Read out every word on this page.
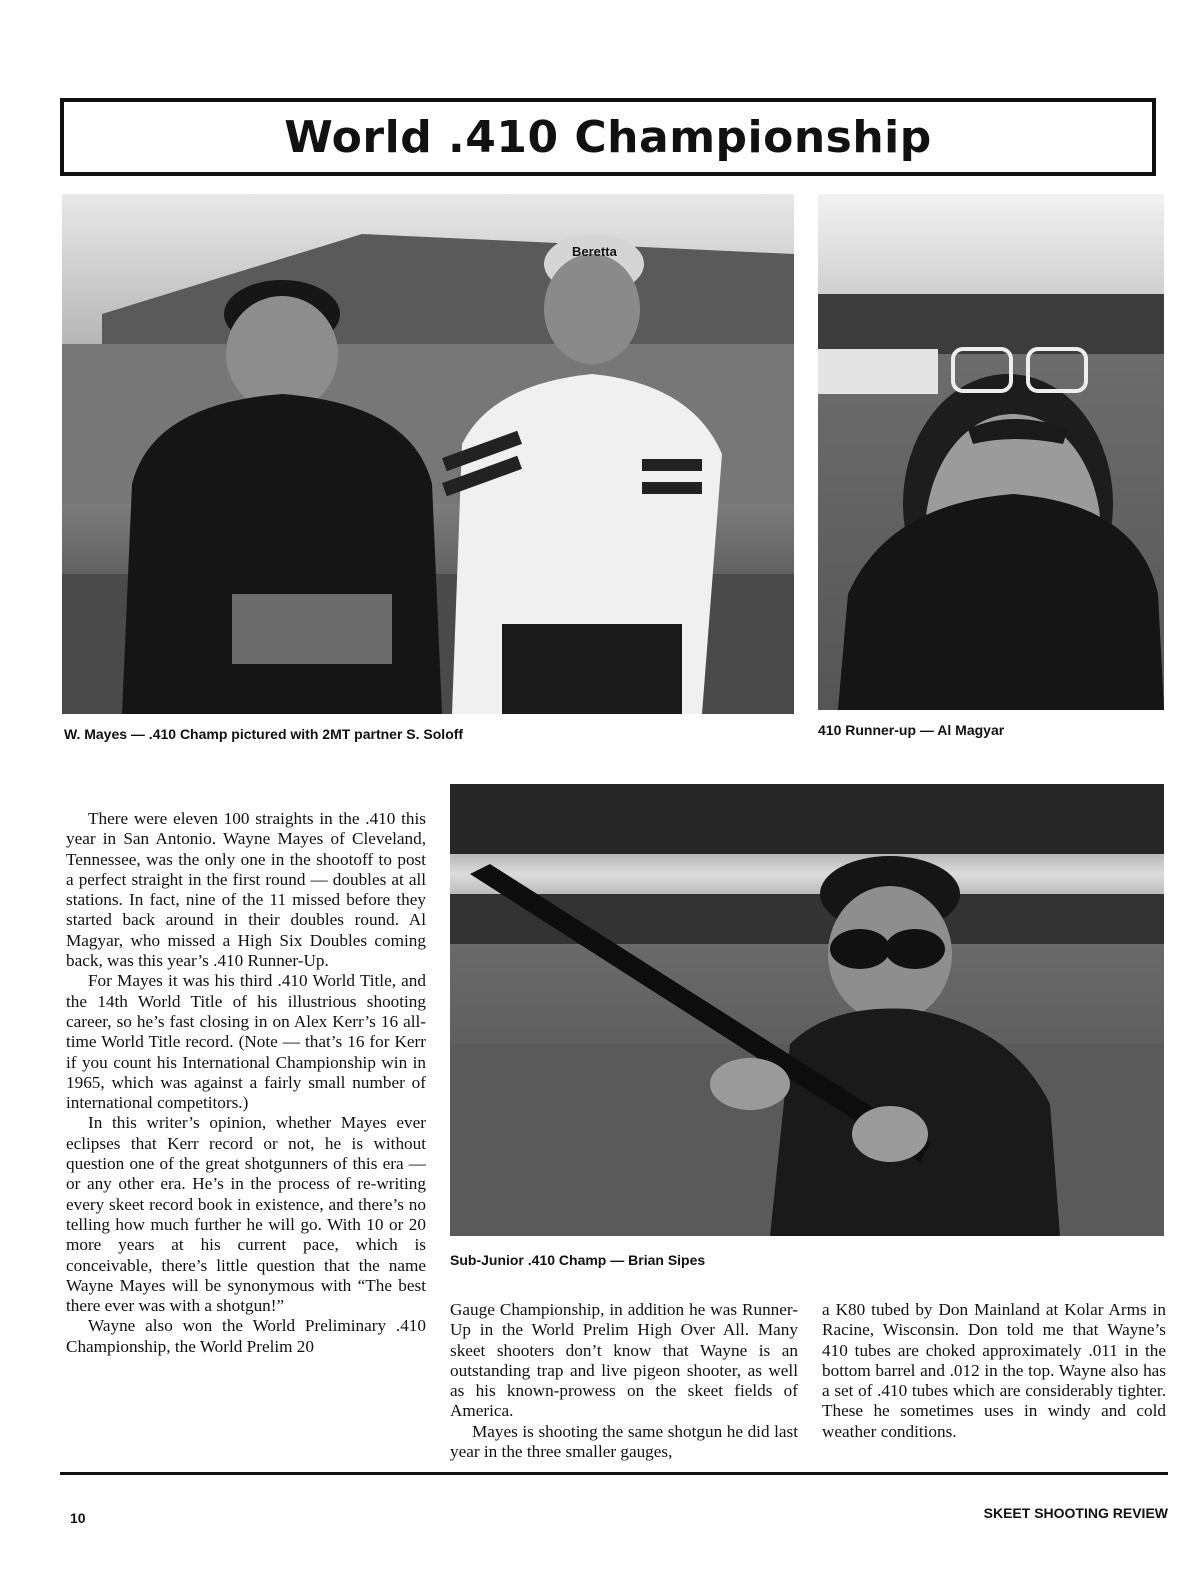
World .410 Championship
Beretta
W. Mayes — .410 Champ pictured with 2MT partner S. Soloff	410 Runner-up — Al Magyar
Sub-Junior .410 Champ — Brian Sipes

There were eleven 100 straights in the .410 this year in San Antonio. Wayne Mayes of Cleveland, Tennessee, was the only one in the shootoff to post a perfect straight in the first round — doubles at all stations. In fact, nine of the 11 missed before they started back around in their doubles round. Al Magyar, who missed a High Six Doubles coming back, was this year’s .410 Runner-Up.

For Mayes it was his third .410 World Title, and the 14th World Title of his illustrious shooting career, so he’s fast closing in on Alex Kerr’s 16 all-time World Title record. (Note — that’s 16 for Kerr if you count his International Championship win in 1965, which was against a fairly small number of international competitors.)

In this writer’s opinion, whether Mayes ever eclipses that Kerr record or not, he is without question one of the great shotgunners of this era — or any other era. He’s in the process of re-writing every skeet record book in existence, and there’s no telling how much further he will go. With 10 or 20 more years at his current pace, which is conceivable, there’s little question that the name Wayne Mayes will be synonymous with “The best there ever was with a shotgun!”

Wayne also won the World Preliminary .410 Championship, the World Prelim 20

Gauge Championship, in addition he was Runner-Up in the World Prelim High Over All. Many skeet shooters don’t know that Wayne is an outstanding trap and live pigeon shooter, as well as his known-prowess on the skeet fields of America.

Mayes is shooting the same shotgun he did last year in the three smaller gauges,

a K80 tubed by Don Mainland at Kolar Arms in Racine, Wisconsin. Don told me that Wayne’s 410 tubes are choked approximately .011 in the bottom barrel and .012 in the top. Wayne also has a set of .410 tubes which are considerably tighter. These he sometimes uses in windy and cold weather conditions.

10	SKEET SHOOTING REVIEW
